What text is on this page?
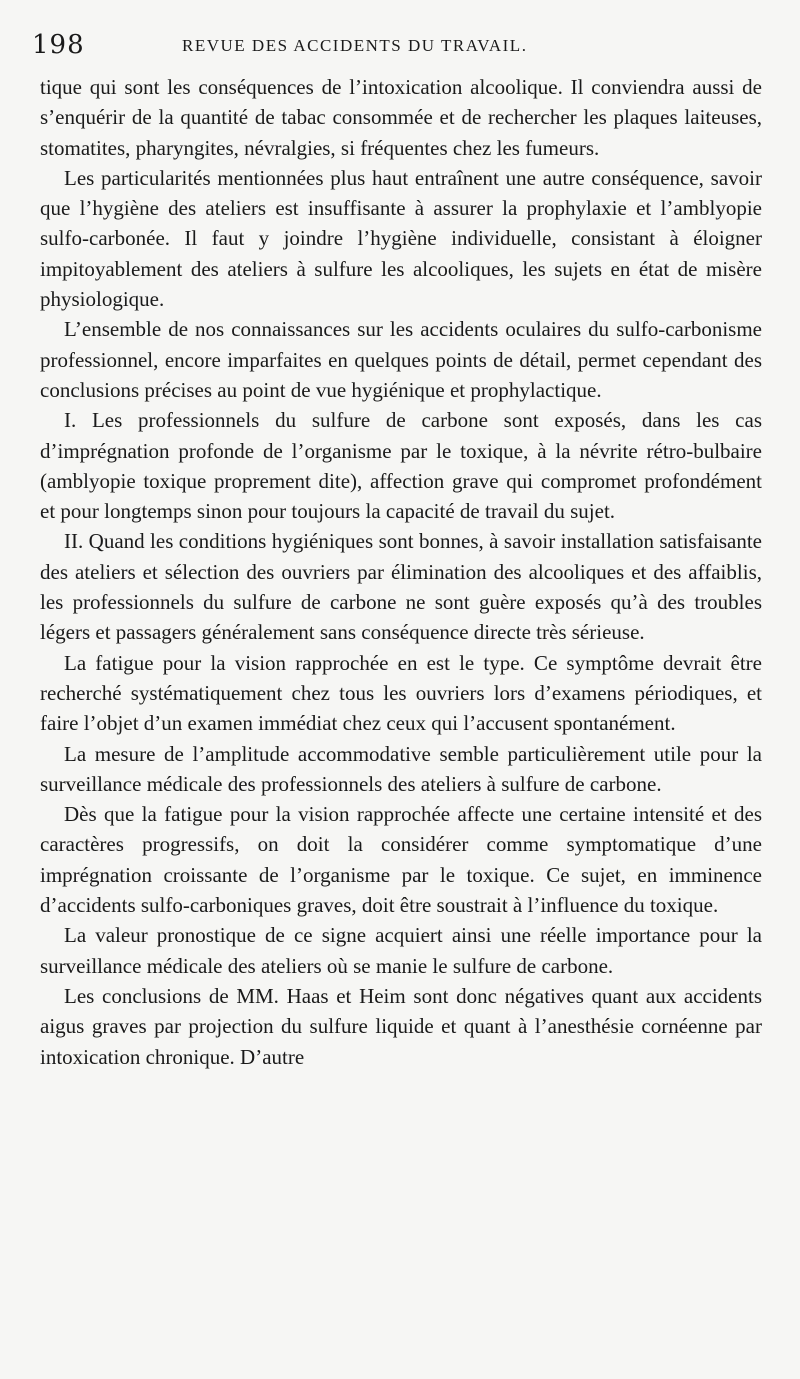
198	REVUE DES ACCIDENTS DU TRAVAIL.

tique qui sont les conséquences de l’intoxication alcoolique. Il conviendra aussi de s’enquérir de la quantité de tabac consommée et de rechercher les plaques laiteuses, stomatites, pharyngites, névralgies, si fréquentes chez les fumeurs.

Les particularités mentionnées plus haut entraînent une autre conséquence, savoir que l’hygiène des ateliers est insuffisante à assurer la prophylaxie et l’amblyopie sulfo-carbonée. Il faut y joindre l’hygiène individuelle, consistant à éloigner impitoyablement des ateliers à sulfure les alcooliques, les sujets en état de misère physiologique.

L’ensemble de nos connaissances sur les accidents oculaires du sulfo-carbonisme professionnel, encore imparfaites en quelques points de détail, permet cependant des conclusions précises au point de vue hygiénique et prophylactique.

I. Les professionnels du sulfure de carbone sont exposés, dans les cas d’imprégnation profonde de l’organisme par le toxique, à la névrite rétro-bulbaire (amblyopie toxique proprement dite), affection grave qui compromet profondément et pour longtemps sinon pour toujours la capacité de travail du sujet.

II. Quand les conditions hygiéniques sont bonnes, à savoir installation satisfaisante des ateliers et sélection des ouvriers par élimination des alcooliques et des affaiblis, les professionnels du sulfure de carbone ne sont guère exposés qu’à des troubles légers et passagers généralement sans conséquence directe très sérieuse.

La fatigue pour la vision rapprochée en est le type. Ce symptôme devrait être recherché systématiquement chez tous les ouvriers lors d’examens périodiques, et faire l’objet d’un examen immédiat chez ceux qui l’accusent spontanément.

La mesure de l’amplitude accommodative semble particulièrement utile pour la surveillance médicale des professionnels des ateliers à sulfure de carbone.

Dès que la fatigue pour la vision rapprochée affecte une certaine intensité et des caractères progressifs, on doit la considérer comme symptomatique d’une imprégnation croissante de l’organisme par le toxique. Ce sujet, en imminence d’accidents sulfo-carboniques graves, doit être soustrait à l’influence du toxique.

La valeur pronostique de ce signe acquiert ainsi une réelle importance pour la surveillance médicale des ateliers où se manie le sulfure de carbone.

Les conclusions de MM. Haas et Heim sont donc négatives quant aux accidents aigus graves par projection du sulfure liquide et quant à l’anesthésie cornéenne par intoxication chronique. D’autre
